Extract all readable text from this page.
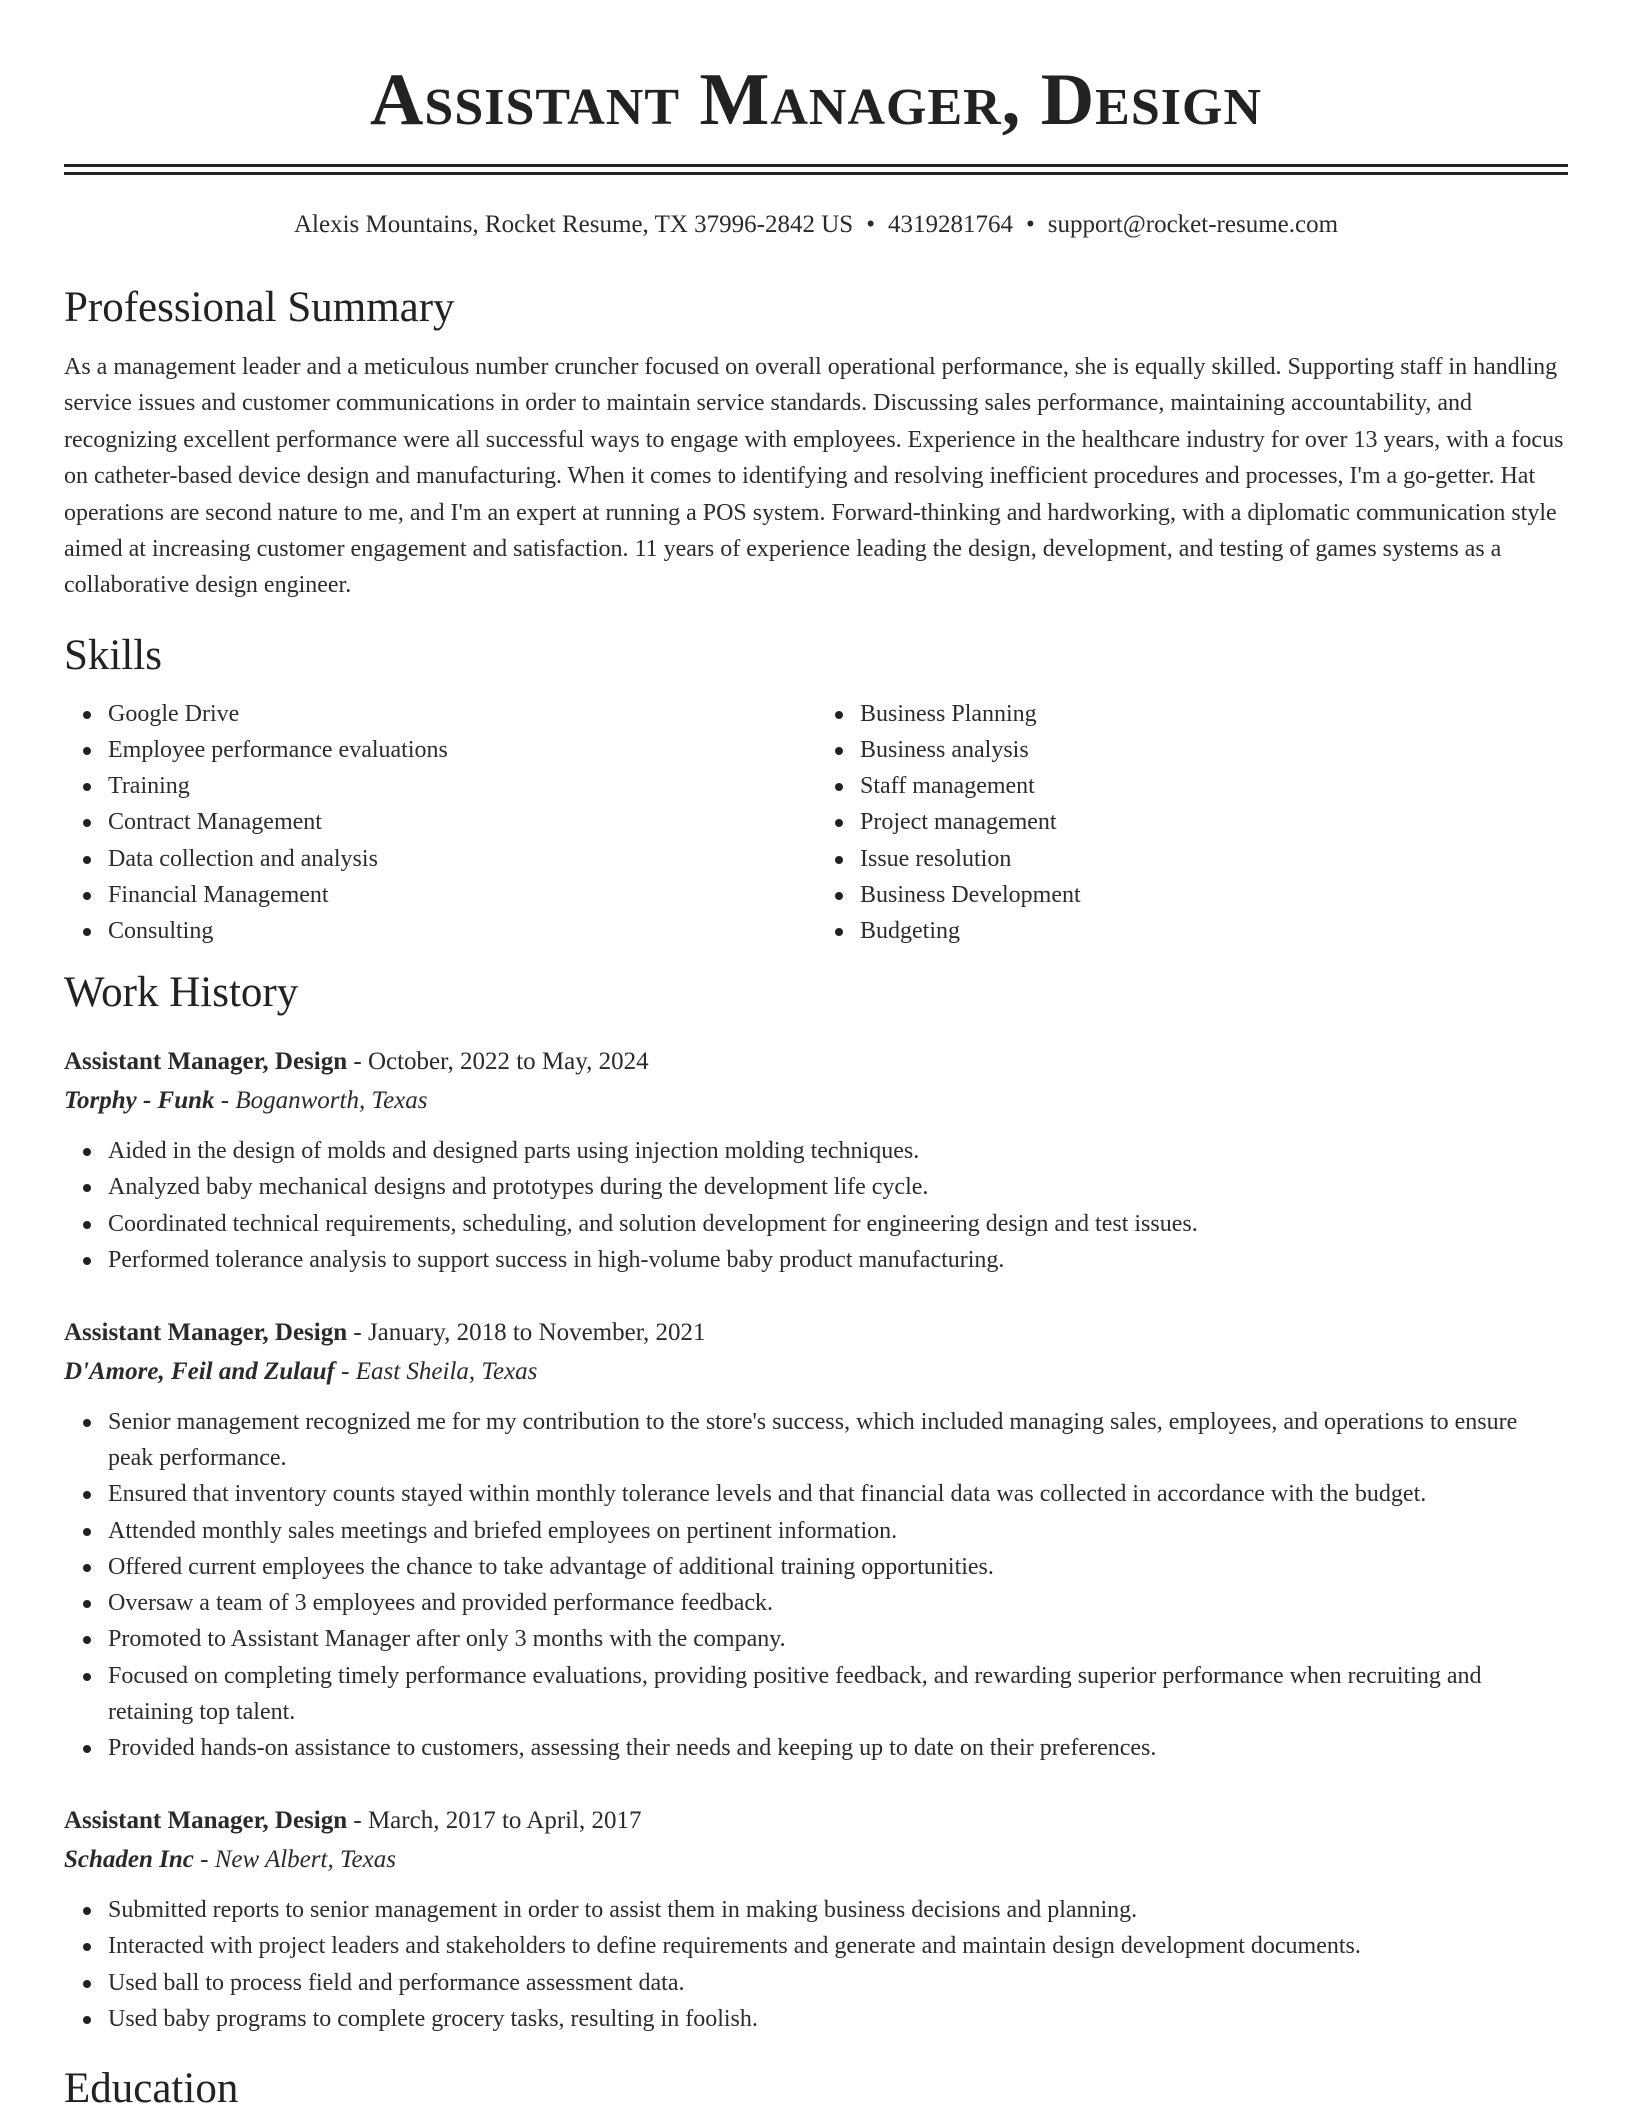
Assistant Manager, Design
Alexis Mountains, Rocket Resume, TX 37996-2842 US • 4319281764 • support@rocket-resume.com
Professional Summary
As a management leader and a meticulous number cruncher focused on overall operational performance, she is equally skilled. Supporting staff in handling service issues and customer communications in order to maintain service standards. Discussing sales performance, maintaining accountability, and recognizing excellent performance were all successful ways to engage with employees. Experience in the healthcare industry for over 13 years, with a focus on catheter-based device design and manufacturing. When it comes to identifying and resolving inefficient procedures and processes, I'm a go-getter. Hat operations are second nature to me, and I'm an expert at running a POS system. Forward-thinking and hardworking, with a diplomatic communication style aimed at increasing customer engagement and satisfaction. 11 years of experience leading the design, development, and testing of games systems as a collaborative design engineer.
Skills
Google Drive
Employee performance evaluations
Training
Contract Management
Data collection and analysis
Financial Management
Consulting
Business Planning
Business analysis
Staff management
Project management
Issue resolution
Business Development
Budgeting
Work History
Assistant Manager, Design - October, 2022 to May, 2024
Torphy - Funk - Boganworth, Texas
Aided in the design of molds and designed parts using injection molding techniques.
Analyzed baby mechanical designs and prototypes during the development life cycle.
Coordinated technical requirements, scheduling, and solution development for engineering design and test issues.
Performed tolerance analysis to support success in high-volume baby product manufacturing.
Assistant Manager, Design - January, 2018 to November, 2021
D'Amore, Feil and Zulauf - East Sheila, Texas
Senior management recognized me for my contribution to the store's success, which included managing sales, employees, and operations to ensure peak performance.
Ensured that inventory counts stayed within monthly tolerance levels and that financial data was collected in accordance with the budget.
Attended monthly sales meetings and briefed employees on pertinent information.
Offered current employees the chance to take advantage of additional training opportunities.
Oversaw a team of 3 employees and provided performance feedback.
Promoted to Assistant Manager after only 3 months with the company.
Focused on completing timely performance evaluations, providing positive feedback, and rewarding superior performance when recruiting and retaining top talent.
Provided hands-on assistance to customers, assessing their needs and keeping up to date on their preferences.
Assistant Manager, Design - March, 2017 to April, 2017
Schaden Inc - New Albert, Texas
Submitted reports to senior management in order to assist them in making business decisions and planning.
Interacted with project leaders and stakeholders to define requirements and generate and maintain design development documents.
Used ball to process field and performance assessment data.
Used baby programs to complete grocery tasks, resulting in foolish.
Education
